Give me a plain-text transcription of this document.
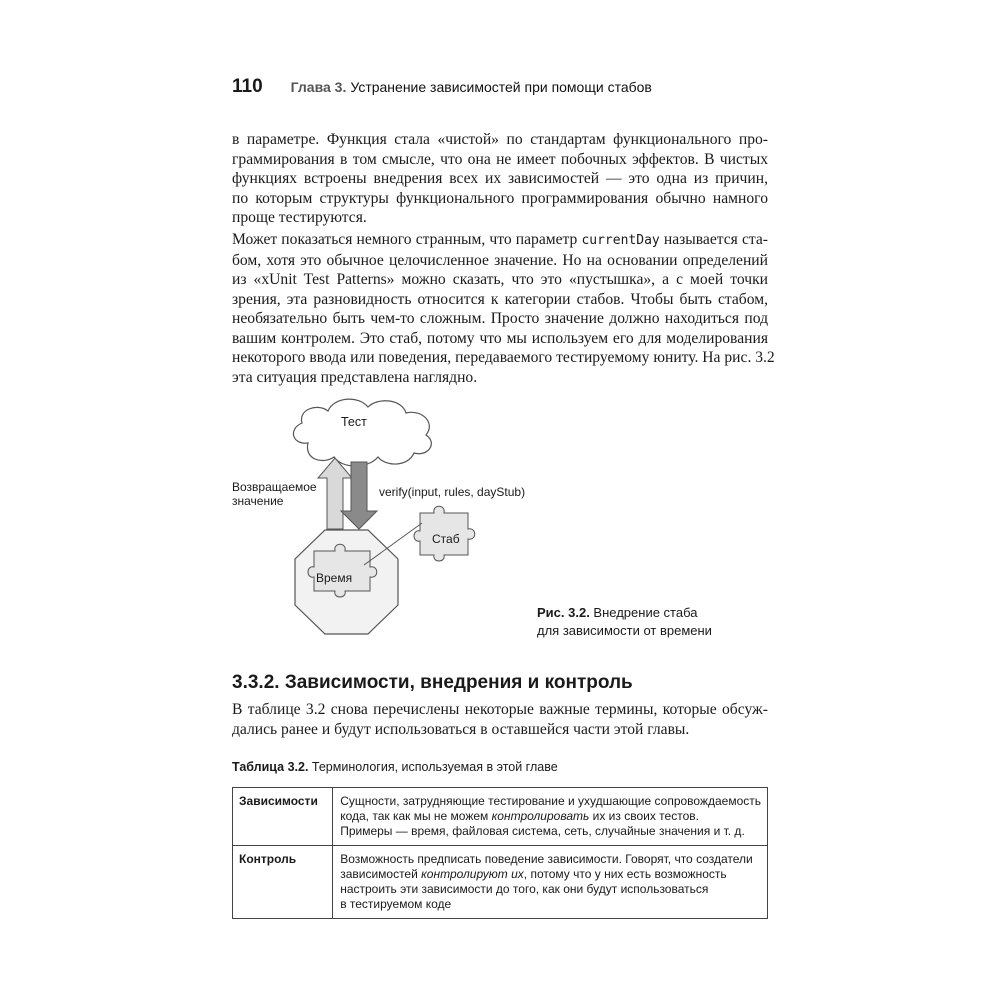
110 Глава 3. Устранение зависимостей при помощи стабов

в параметре. Функция стала «чистой» по стандартам функционального про-
граммирования в том смысле, что она не имеет побочных эффектов. В чистых
функциях встроены внедрения всех их зависимостей — это одна из причин,
по которым структуры функционального программирования обычно намного
проще тестируются.

Может показаться немного странным, что параметр currentDay называется ста-
бом, хотя это обычное целочисленное значение. Но на основании определений
из «xUnit Test Patterns» можно сказать, что это «пустышка», а с моей точки
зрения, эта разновидность относится к категории стабов. Чтобы быть стабом,
необязательно быть чем-то сложным. Просто значение должно находиться под
вашим контролем. Это стаб, потому что мы используем его для моделирования
некоторого ввода или поведения, передаваемого тестируемому юниту. На рис. 3.2
эта ситуация представлена наглядно.

Тест
Возвращаемое
значение
verify(input, rules, dayStub)
Стаб
Время
Рис. 3.2. Внедрение стаба
для зависимости от времени
3.3.2. Зависимости, внедрения и контроль

В таблице 3.2 снова перечислены некоторые важные термины, которые обсуж-
дались ранее и будут использоваться в оставшейся части этой главы.

Таблица 3.2. Терминология, используемая в этой главе
Зависимости	Сущности, затрудняющие тестирование и ухудшающие сопровождаемость
кода, так как мы не можем контролировать их из своих тестов.
Примеры — время, файловая система, сеть, случайные значения и т. д.

Контроль	Возможность предписать поведение зависимости. Говорят, что создатели
зависимостей контролируют их, потому что у них есть возможность
настроить эти зависимости до того, как они будут использоваться
в тестируемом коде
